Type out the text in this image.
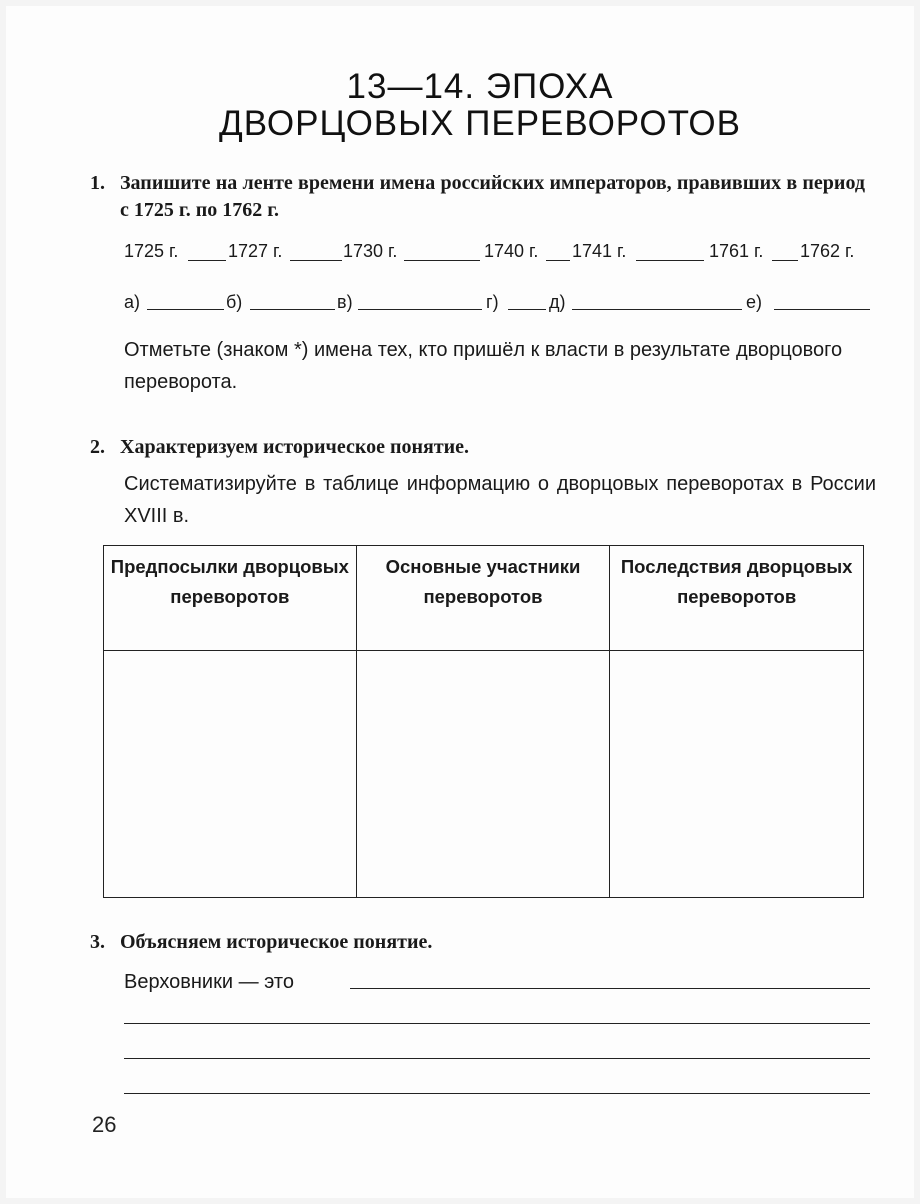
13—14. ЭПОХА
ДВОРЦОВЫХ ПЕРЕВОРОТОВ
1. Запишите на ленте времени имена российских императоров, правивших в период с 1725 г. по 1762 г.
1725 г.	1727 г.	1730 г.	1740 г. 1741 г.	1761 г. 1762 г.
а)	б)	в)	г)	д)	е)
Отметьте (знаком *) имена тех, кто пришёл к власти в результате дворцового переворота.
2. Характеризуем историческое понятие.
Систематизируйте в таблице информацию о дворцовых переворотах в России XVIII в.
Предпосылки дворцовых переворотов	Основные участники переворотов	Последствия дворцовых переворотов

3. Объясняем историческое понятие.
Верховники — это
26
